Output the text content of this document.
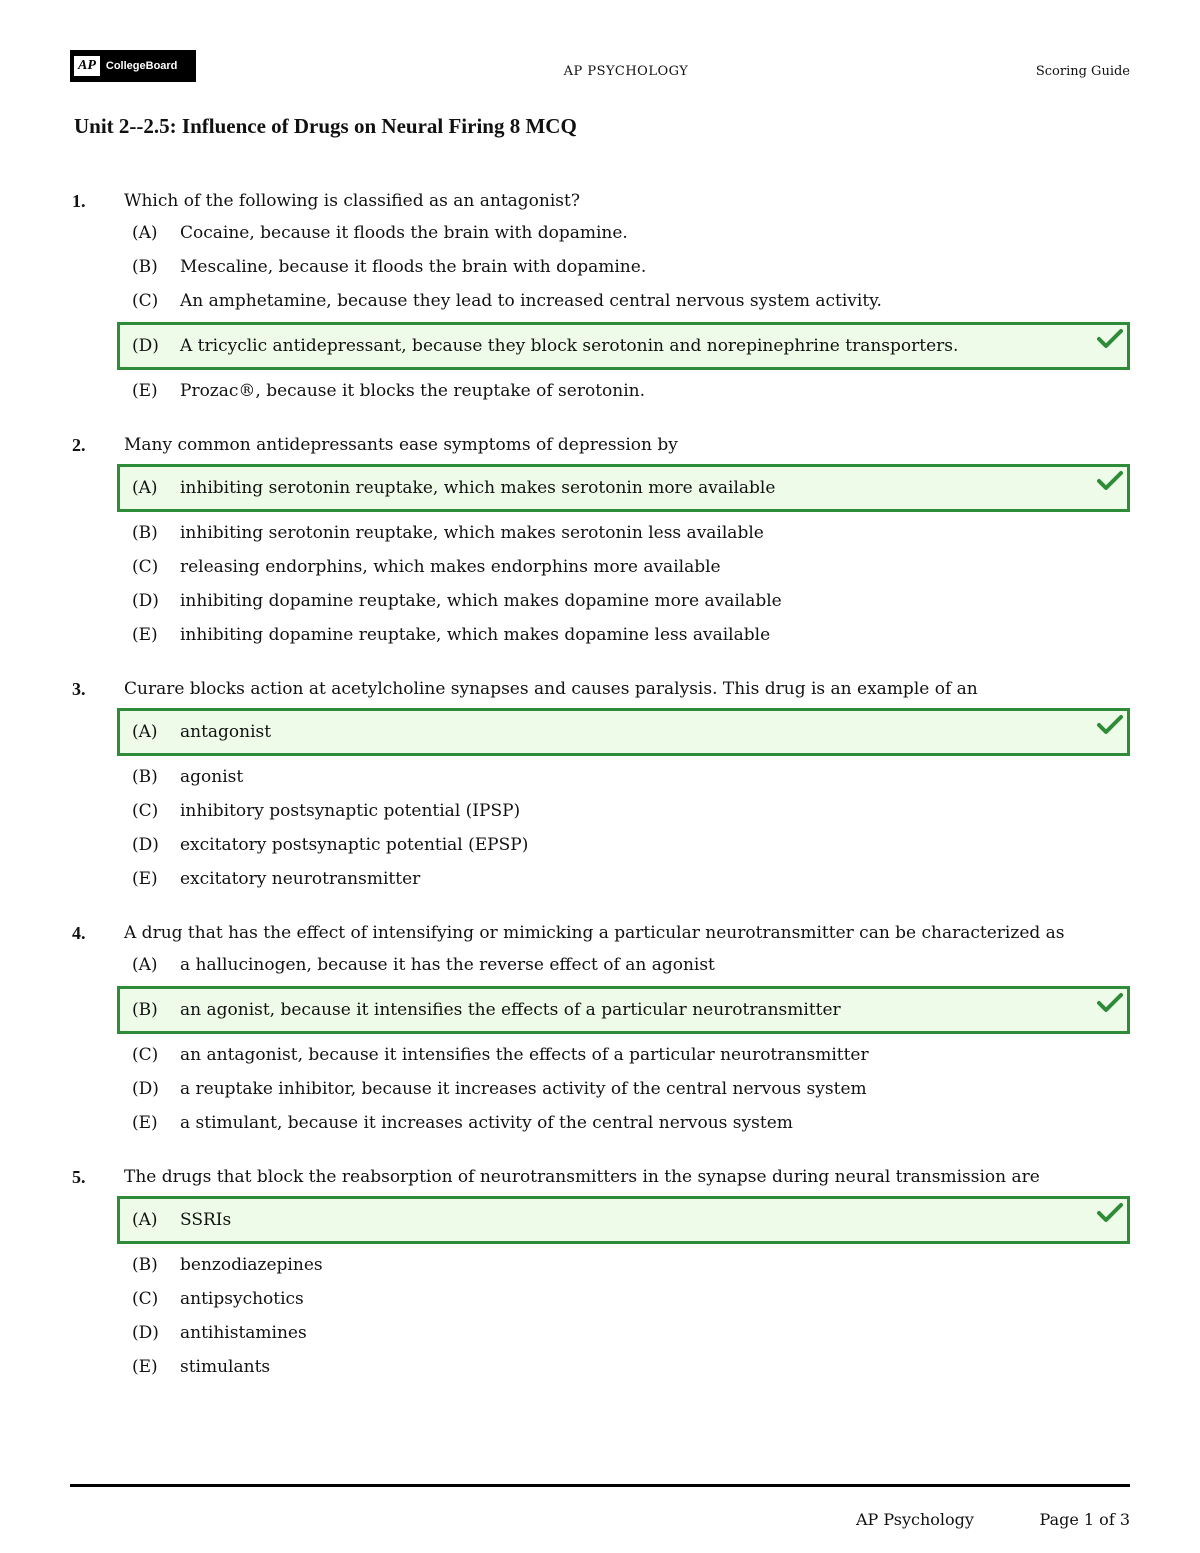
AP CollegeBoard	AP PSYCHOLOGY	Scoring Guide
Unit 2--2.5: Influence of Drugs on Neural Firing 8 MCQ
1.	Which of the following is classified as an antagonist?
(A)	Cocaine, because it floods the brain with dopamine.
(B)	Mescaline, because it floods the brain with dopamine.
(C)	An amphetamine, because they lead to increased central nervous system activity.
(D)	A tricyclic antidepressant, because they block serotonin and norepinephrine transporters.
(E)	Prozac®, because it blocks the reuptake of serotonin.
2.	Many common antidepressants ease symptoms of depression by
(A)	inhibiting serotonin reuptake, which makes serotonin more available
(B)	inhibiting serotonin reuptake, which makes serotonin less available
(C)	releasing endorphins, which makes endorphins more available
(D)	inhibiting dopamine reuptake, which makes dopamine more available
(E)	inhibiting dopamine reuptake, which makes dopamine less available
3.	Curare blocks action at acetylcholine synapses and causes paralysis. This drug is an example of an
(A)	antagonist
(B)	agonist
(C)	inhibitory postsynaptic potential (IPSP)
(D)	excitatory postsynaptic potential (EPSP)
(E)	excitatory neurotransmitter
4.	A drug that has the effect of intensifying or mimicking a particular neurotransmitter can be characterized as
(A)	a hallucinogen, because it has the reverse effect of an agonist
(B)	an agonist, because it intensifies the effects of a particular neurotransmitter
(C)	an antagonist, because it intensifies the effects of a particular neurotransmitter
(D)	a reuptake inhibitor, because it increases activity of the central nervous system
(E)	a stimulant, because it increases activity of the central nervous system
5.	The drugs that block the reabsorption of neurotransmitters in the synapse during neural transmission are
(A)	SSRIs
(B)	benzodiazepines
(C)	antipsychotics
(D)	antihistamines
(E)	stimulants
AP Psychology	Page 1 of 3
